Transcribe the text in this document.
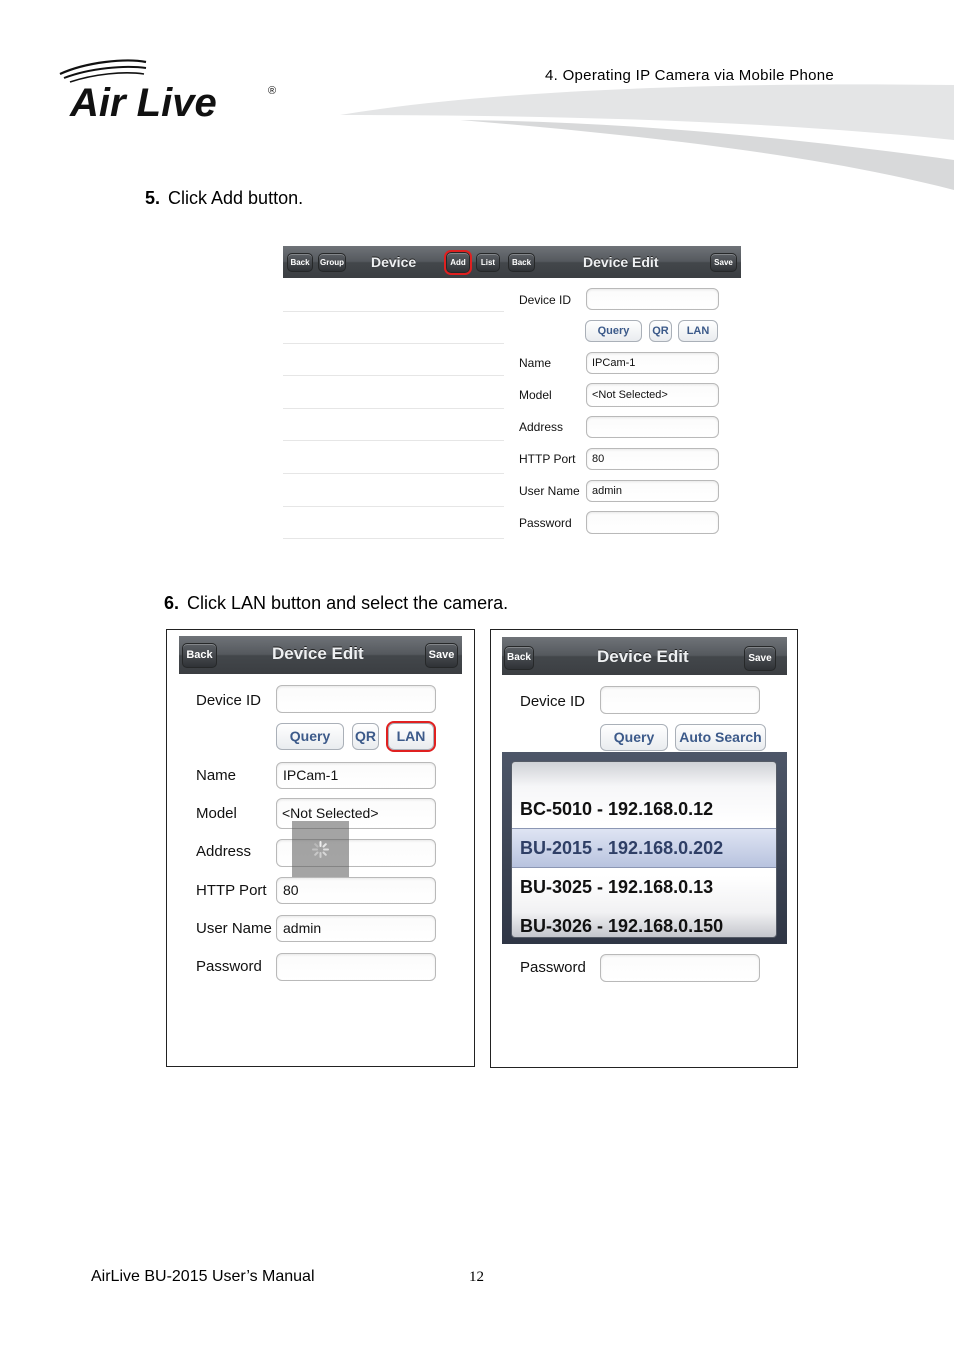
Air Live	®
4. Operating IP Camera via Mobile Phone
5. Click Add button.
Back	Group Device	Add	List	Back	Device Edit	Save
Device ID
Query	QR	LAN
Name	IPCam-1
Model	<Not Selected>
Address
HTTP Port	80
User Name	admin
Password
6. Click LAN button and select the camera.
Back	Device Edit	Save
Device ID
Query	QR	LAN
Name	IPCam-1
Model	<Not Selected>
Address
HTTP Port	80
User Name admin
Password
Back	Device Edit	Save
Device ID
Query	Auto Search
BC-5010 - 192.168.0.12
BU-2015 - 192.168.0.202
BU-3025 - 192.168.0.13
BU-3026 - 192.168.0.150
Password
AirLive BU-2015 User’s Manual	12
